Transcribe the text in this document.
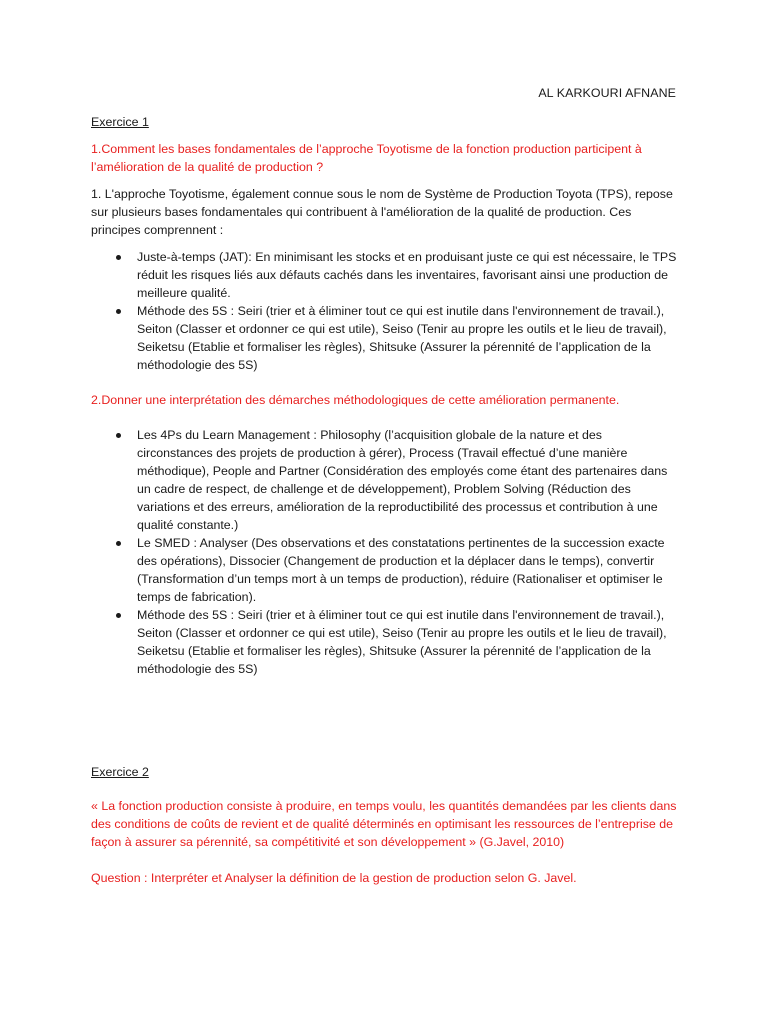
AL KARKOURI AFNANE
Exercice 1

1.Comment les bases fondamentales de l’approche Toyotisme de la fonction production participent à l’amélioration de la qualité de production ?

1. L'approche Toyotisme, également connue sous le nom de Système de Production Toyota (TPS), repose sur plusieurs bases fondamentales qui contribuent à l'amélioration de la qualité de production. Ces principes comprennent :

Juste-à-temps (JAT): En minimisant les stocks et en produisant juste ce qui est nécessaire, le TPS réduit les risques liés aux défauts cachés dans les inventaires, favorisant ainsi une production de meilleure qualité.
Méthode des 5S : Seiri (trier et à éliminer tout ce qui est inutile dans l'environnement de travail.), Seiton (Classer et ordonner ce qui est utile), Seiso (Tenir au propre les outils et le lieu de travail), Seiketsu (Etablie et formaliser les règles), Shitsuke (Assurer la pérennité de l’application de la méthodologie des 5S)

2.Donner une interprétation des démarches méthodologiques de cette amélioration permanente.

Les 4Ps du Learn Management : Philosophy (l’acquisition globale de la nature et des circonstances des projets de production à gérer), Process (Travail effectué d’une manière méthodique), People and Partner (Considération des employés come étant des partenaires dans un cadre de respect, de challenge et de développement), Problem Solving (Réduction des variations et des erreurs, amélioration de la reproductibilité des processus et contribution à une qualité constante.)
Le SMED : Analyser (Des observations et des constatations pertinentes de la succession exacte des opérations), Dissocier (Changement de production et la déplacer dans le temps), convertir (Transformation d’un temps mort à un temps de production), réduire (Rationaliser et optimiser le temps de fabrication).
Méthode des 5S : Seiri (trier et à éliminer tout ce qui est inutile dans l'environnement de travail.), Seiton (Classer et ordonner ce qui est utile), Seiso (Tenir au propre les outils et le lieu de travail), Seiketsu (Etablie et formaliser les règles), Shitsuke (Assurer la pérennité de l’application de la méthodologie des 5S)
Exercice 2

« La fonction production consiste à produire, en temps voulu, les quantités demandées par les clients dans des conditions de coûts de revient et de qualité déterminés en optimisant les ressources de l’entreprise de façon à assurer sa pérennité, sa compétitivité et son développement » (G.Javel, 2010)

Question : Interpréter et Analyser la définition de la gestion de production selon G. Javel.
